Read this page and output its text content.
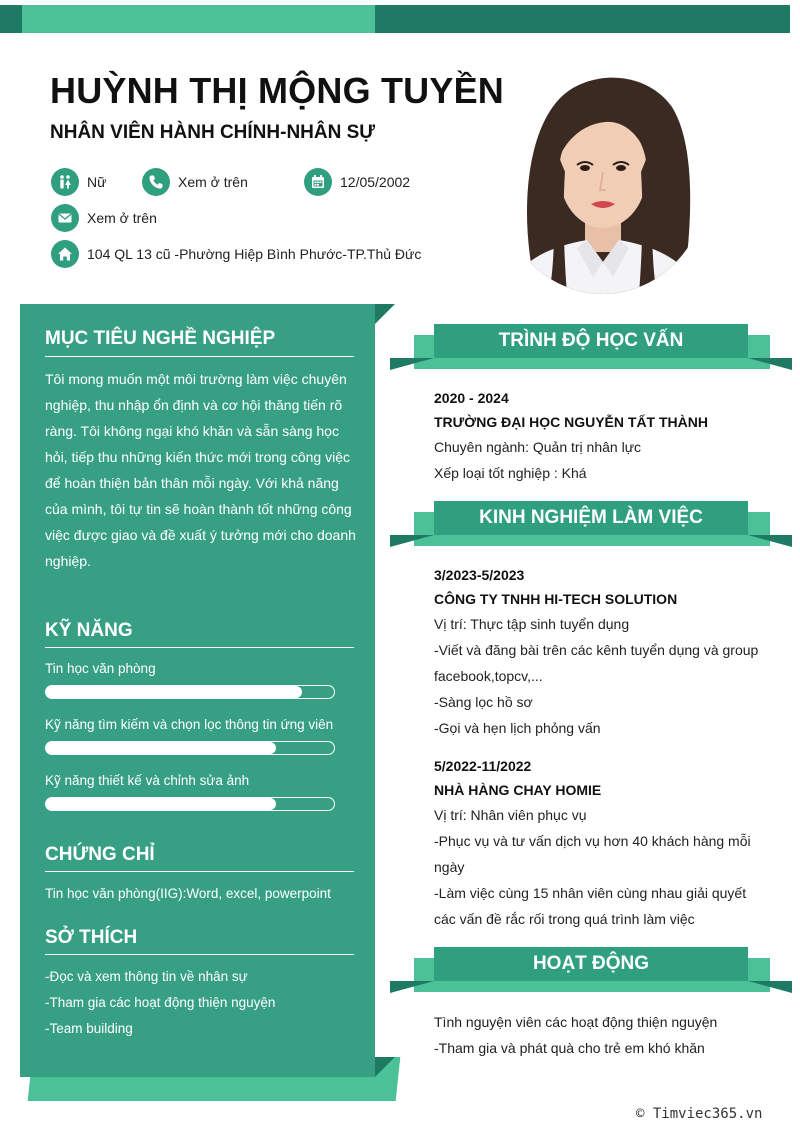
HUỲNH THỊ MỘNG TUYỀN
NHÂN VIÊN HÀNH CHÍNH-NHÂN SỰ
Nữ	Xem ở trên	12/05/2002
Xem ở trên
104 QL 13 cũ -Phường Hiệp Bình Phước-TP.Thủ Đức
MỤC TIÊU NGHỀ NGHIỆP
Tôi mong muốn một môi trường làm việc chuyên nghiệp, thu nhập ổn định và cơ hội thăng tiến rõ ràng. Tôi không ngại khó khăn và sẵn sàng học hỏi, tiếp thu những kiến thức mới trong công việc để hoàn thiện bản thân mỗi ngày. Với khả năng của mình, tôi tự tin sẽ hoàn thành tốt những công việc được giao và đề xuất ý tưởng mới cho doanh nghiệp.
KỸ NĂNG
Tin học văn phòng
Kỹ năng tìm kiếm và chọn lọc thông tin ứng viên
Kỹ năng thiết kế và chỉnh sửa ảnh
CHỨNG CHỈ
Tin học văn phòng(IIG):Word, excel, powerpoint
SỞ THÍCH
-Đọc và xem thông tin về nhân sự
-Tham gia các hoạt động thiện nguyện
-Team building
TRÌNH ĐỘ HỌC VẤN
2020 - 2024
TRƯỜNG ĐẠI HỌC NGUYỄN TẤT THÀNH
Chuyên ngành: Quản trị nhân lực
Xếp loại tốt nghiệp : Khá
KINH NGHIỆM LÀM VIỆC
3/2023-5/2023
CÔNG TY TNHH HI-TECH SOLUTION
Vị trí: Thực tập sinh tuyển dụng
-Viết và đăng bài trên các kênh tuyển dụng và group
facebook,topcv,...
-Sàng lọc hồ sơ
-Gọi và hẹn lịch phỏng vấn
5/2022-11/2022
NHÀ HÀNG CHAY HOMIE
Vị trí: Nhân viên phục vụ
-Phục vụ và tư vấn dịch vụ hơn 40 khách hàng mỗi
ngày
-Làm việc cùng 15 nhân viên cùng nhau giải quyết
các vấn đề rắc rối trong quá trình làm việc
HOẠT ĐỘNG
Tình nguyện viên các hoạt động thiện nguyện
-Tham gia và phát quà cho trẻ em khó khăn
© Timviec365.vn
